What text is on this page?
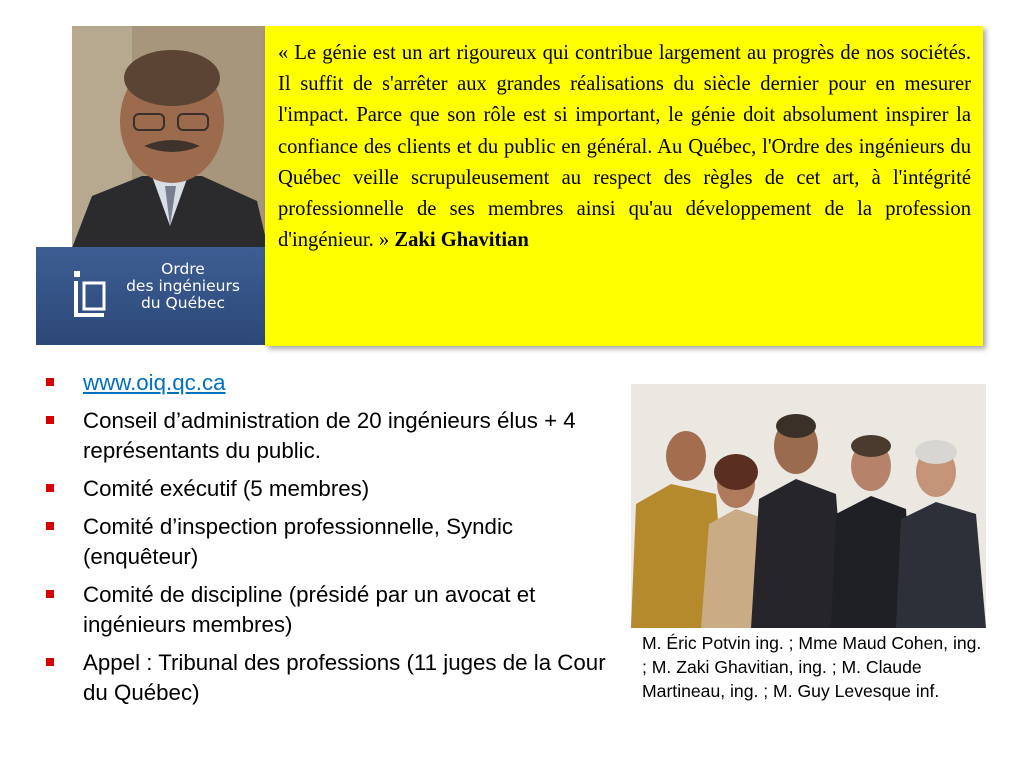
Ordre
des ingénieurs
du Québec

« Le génie est un art rigoureux qui contribue largement au progrès de nos sociétés. Il suffit de s'arrêter aux grandes réalisations du siècle dernier pour en mesurer l'impact. Parce que son rôle est si important, le génie doit absolument inspirer la confiance des clients et du public en général. Au Québec, l'Ordre des ingénieurs du Québec veille scrupuleusement au respect des règles de cet art, à l'intégrité professionnelle de ses membres ainsi qu'au développement de la profession d'ingénieur. » Zaki Ghavitian

www.oiq.qc.ca
Conseil d’administration de 20 ingénieurs élus + 4 représentants du public.
Comité exécutif (5 membres)
Comité d’inspection professionnelle, Syndic (enquêteur)
Comité de discipline (présidé par un avocat et ingénieurs membres)
Appel : Tribunal des professions (11 juges de la Cour du Québec)
M. Éric Potvin ing. ; Mme Maud Cohen, ing. ; M. Zaki Ghavitian, ing. ; M. Claude Martineau, ing. ; M. Guy Levesque inf.
